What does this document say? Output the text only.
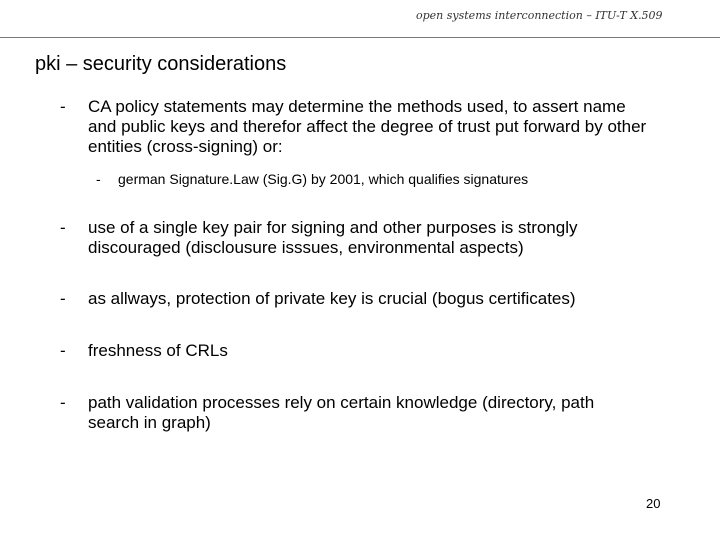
open systems interconnection – ITU-T X.509
pki – security considerations
- CA policy statements may determine the methods used, to assert name and public keys and therefor affect the degree of trust put forward by other entities (cross-signing) or:
- german Signature.Law (Sig.G) by 2001, which qualifies signatures
- use of a single key pair for signing and other purposes is strongly discouraged (disclousure isssues, environmental aspects)
- as allways, protection of private key is crucial (bogus certificates)
- freshness of CRLs
- path validation processes rely on certain knowledge (directory, path search in graph)
20
